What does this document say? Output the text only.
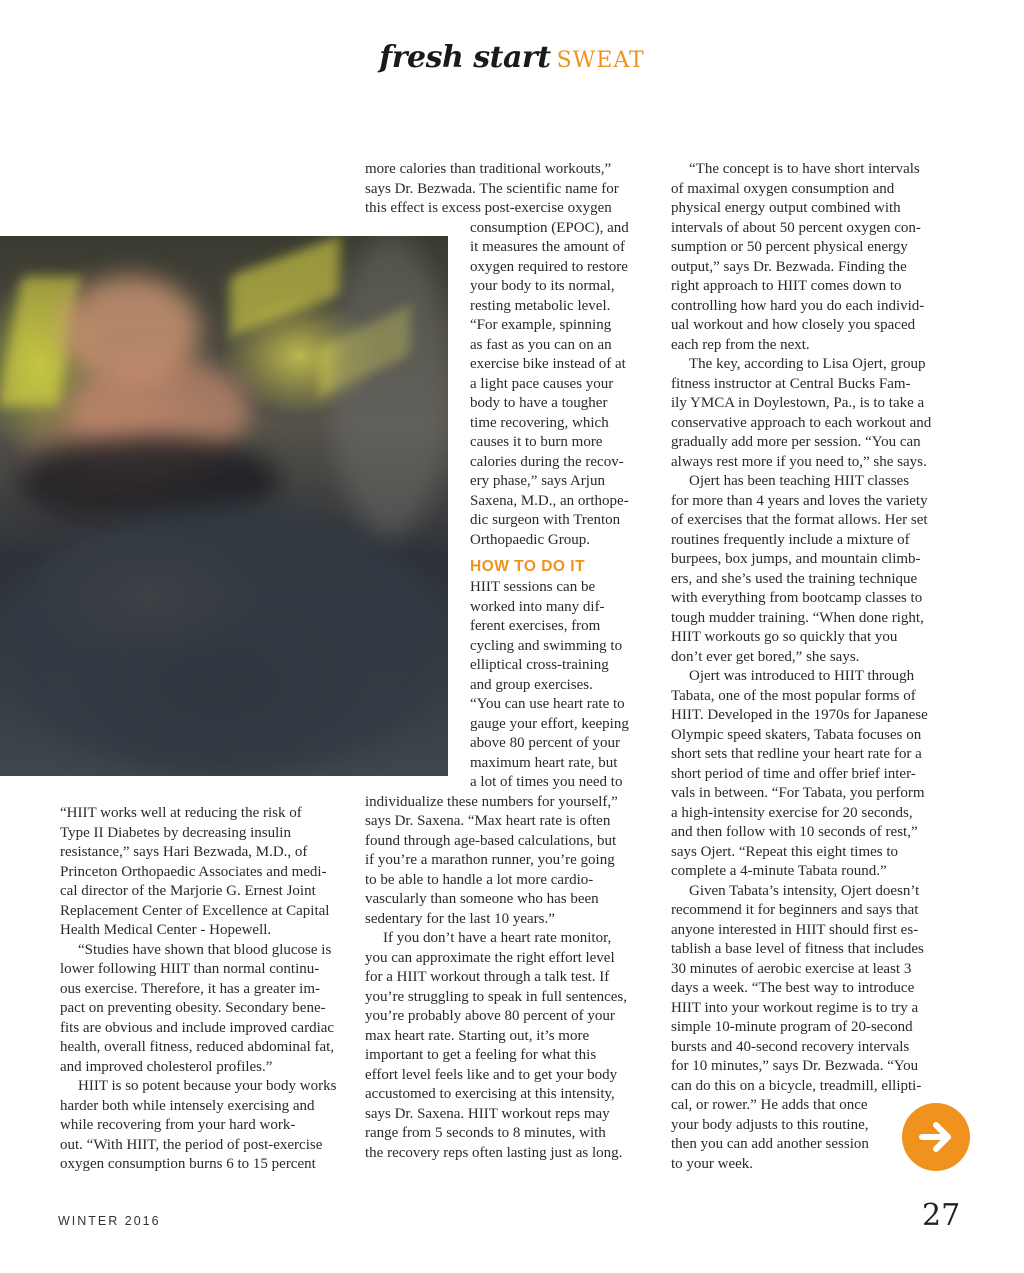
fresh start SWEAT
“HIIT works well at reducing the risk of
Type II Diabetes by decreasing insulin
resistance,” says Hari Bezwada, M.D., of
Princeton Orthopaedic Associates and medi-
cal director of the Marjorie G. Ernest Joint
Replacement Center of Excellence at Capital
Health Medical Center - Hopewell.
“Studies have shown that blood glucose is
lower following HIIT than normal continu-
ous exercise. Therefore, it has a greater im-
pact on preventing obesity. Secondary bene-
fits are obvious and include improved cardiac
health, overall fitness, reduced abdominal fat,
and improved cholesterol profiles.”
HIIT is so potent because your body works
harder both while intensely exercising and
while recovering from your hard work-
out. “With HIIT, the period of post-exercise
oxygen consumption burns 6 to 15 percent
more calories than traditional workouts,”
says Dr. Bezwada. The scientific name for
this effect is excess post-exercise oxygen
consumption (EPOC), and
it measures the amount of
oxygen required to restore
your body to its normal,
resting metabolic level.
“For example, spinning
as fast as you can on an
exercise bike instead of at
a light pace causes your
body to have a tougher
time recovering, which
causes it to burn more
calories during the recov-
ery phase,” says Arjun
Saxena, M.D., an orthope-
dic surgeon with Trenton
Orthopaedic Group.
HOW TO DO IT
HIIT sessions can be
worked into many dif-
ferent exercises, from
cycling and swimming to
elliptical cross-training
and group exercises.
“You can use heart rate to
gauge your effort, keeping
above 80 percent of your
maximum heart rate, but
a lot of times you need to
individualize these numbers for yourself,”
says Dr. Saxena. “Max heart rate is often
found through age-based calculations, but
if you’re a marathon runner, you’re going
to be able to handle a lot more cardio-
vascularly than someone who has been
sedentary for the last 10 years.”
If you don’t have a heart rate monitor,
you can approximate the right effort level
for a HIIT workout through a talk test. If
you’re struggling to speak in full sentences,
you’re probably above 80 percent of your
max heart rate. Starting out, it’s more
important to get a feeling for what this
effort level feels like and to get your body
accustomed to exercising at this intensity,
says Dr. Saxena. HIIT workout reps may
range from 5 seconds to 8 minutes, with
the recovery reps often lasting just as long.
“The concept is to have short intervals
of maximal oxygen consumption and
physical energy output combined with
intervals of about 50 percent oxygen con-
sumption or 50 percent physical energy
output,” says Dr. Bezwada. Finding the
right approach to HIIT comes down to
controlling how hard you do each individ-
ual workout and how closely you spaced
each rep from the next.
The key, according to Lisa Ojert, group
fitness instructor at Central Bucks Fam-
ily YMCA in Doylestown, Pa., is to take a
conservative approach to each workout and
gradually add more per session. “You can
always rest more if you need to,” she says.
Ojert has been teaching HIIT classes
for more than 4 years and loves the variety
of exercises that the format allows. Her set
routines frequently include a mixture of
burpees, box jumps, and mountain climb-
ers, and she’s used the training technique
with everything from bootcamp classes to
tough mudder training. “When done right,
HIIT workouts go so quickly that you
don’t ever get bored,” she says.
Ojert was introduced to HIIT through
Tabata, one of the most popular forms of
HIIT. Developed in the 1970s for Japanese
Olympic speed skaters, Tabata focuses on
short sets that redline your heart rate for a
short period of time and offer brief inter-
vals in between. “For Tabata, you perform
a high-intensity exercise for 20 seconds,
and then follow with 10 seconds of rest,”
says Ojert. “Repeat this eight times to
complete a 4-minute Tabata round.”
Given Tabata’s intensity, Ojert doesn’t
recommend it for beginners and says that
anyone interested in HIIT should first es-
tablish a base level of fitness that includes
30 minutes of aerobic exercise at least 3
days a week. “The best way to introduce
HIIT into your workout regime is to try a
simple 10-minute program of 20-second
bursts and 40-second recovery intervals
for 10 minutes,” says Dr. Bezwada. “You
can do this on a bicycle, treadmill, ellipti-
cal, or rower.” He adds that once
your body adjusts to this routine,
then you can add another session
to your week.
WINTER 2016	27
